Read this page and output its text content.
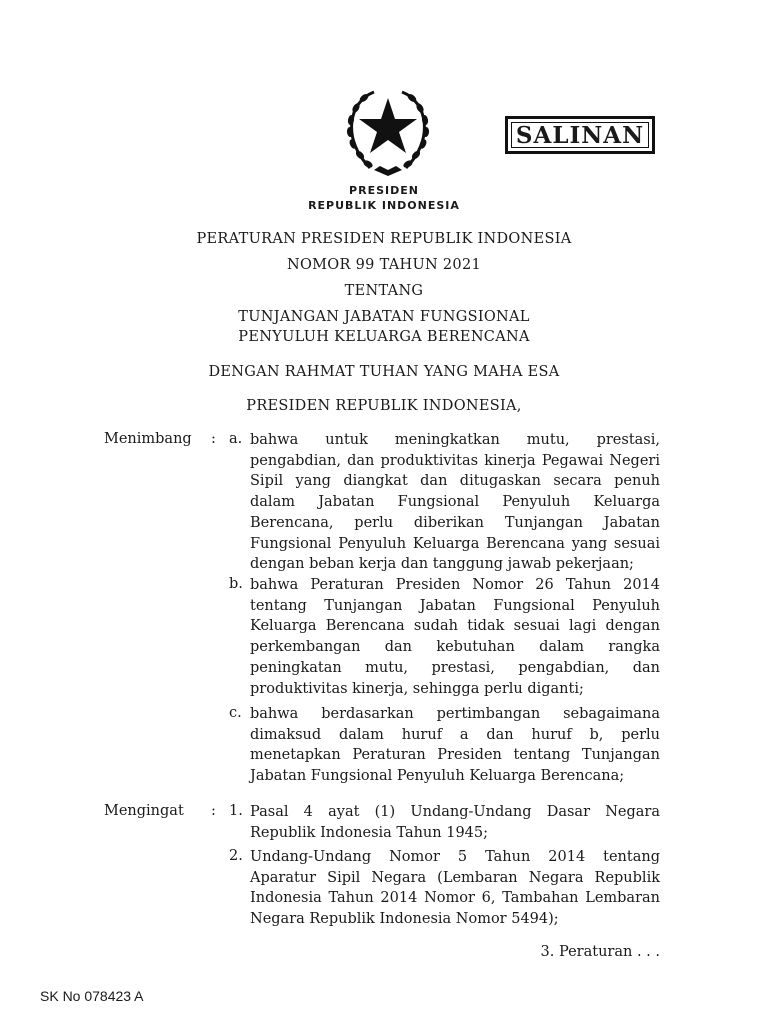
SALINAN
PRESIDEN
REPUBLIK INDONESIA
PERATURAN PRESIDEN REPUBLIK INDONESIA
NOMOR 99 TAHUN 2021
TENTANG
TUNJANGAN JABATAN FUNGSIONAL
PENYULUH KELUARGA BERENCANA
DENGAN RAHMAT TUHAN YANG MAHA ESA
PRESIDEN REPUBLIK INDONESIA,
Menimbang : a. bahwa untuk meningkatkan mutu, prestasi, pengabdian, dan produktivitas kinerja Pegawai Negeri Sipil yang diangkat dan ditugaskan secara penuh dalam Jabatan Fungsional Penyuluh Keluarga Berencana, perlu diberikan Tunjangan Jabatan Fungsional Penyuluh Keluarga Berencana yang sesuai dengan beban kerja dan tanggung jawab pekerjaan;
b. bahwa Peraturan Presiden Nomor 26 Tahun 2014 tentang Tunjangan Jabatan Fungsional Penyuluh Keluarga Berencana sudah tidak sesuai lagi dengan perkembangan dan kebutuhan dalam rangka peningkatan mutu, prestasi, pengabdian, dan produktivitas kinerja, sehingga perlu diganti;
c. bahwa berdasarkan pertimbangan sebagaimana dimaksud dalam huruf a dan huruf b, perlu menetapkan Peraturan Presiden tentang Tunjangan Jabatan Fungsional Penyuluh Keluarga Berencana;
Mengingat : 1. Pasal 4 ayat (1) Undang-Undang Dasar Negara Republik Indonesia Tahun 1945;
2. Undang-Undang Nomor 5 Tahun 2014 tentang Aparatur Sipil Negara (Lembaran Negara Republik Indonesia Tahun 2014 Nomor 6, Tambahan Lembaran Negara Republik Indonesia Nomor 5494);
3. Peraturan . . .
SK No 078423 A
